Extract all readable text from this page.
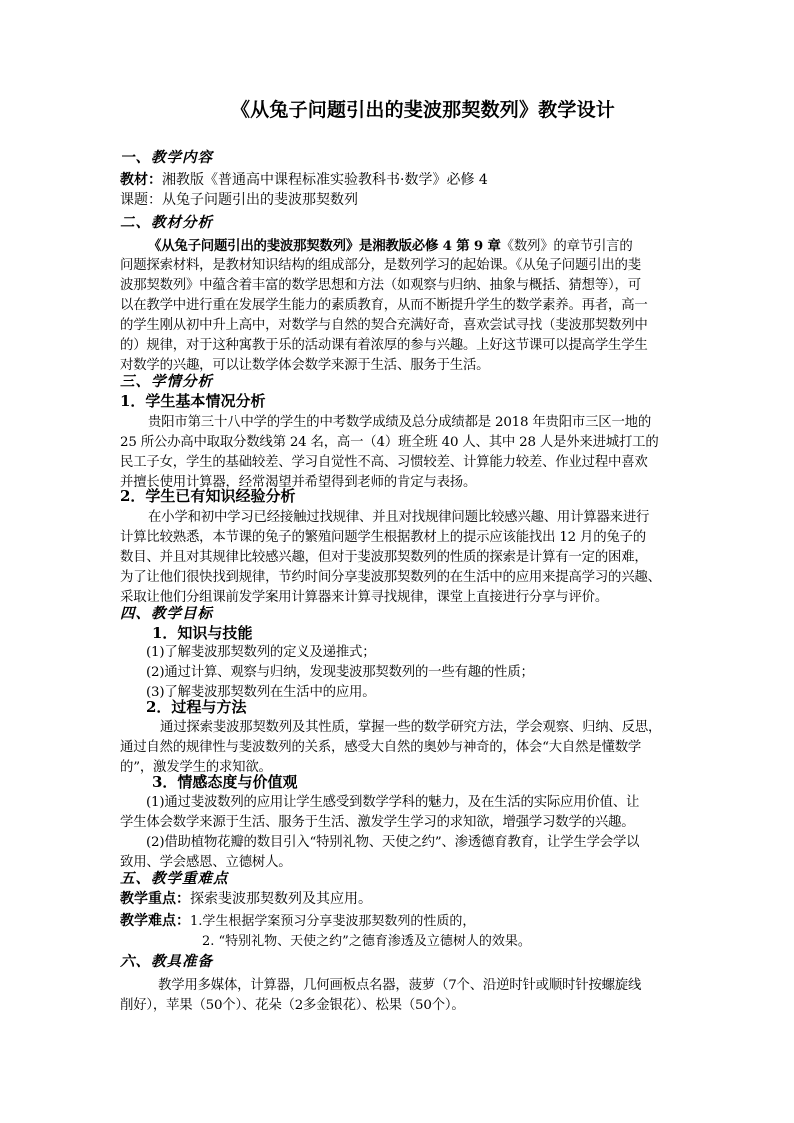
《从兔子问题引出的斐波那契数列》教学设计
一、教学内容
教材：湘教版《普通高中课程标准实验教科书·数学》必修 4
课题：从兔子问题引出的斐波那契数列
二、教材分析
《从兔子问题引出的斐波那契数列》是湘教版必修 4 第 9 章《数列》的章节引言的
问题探索材料，是教材知识结构的组成部分，是数列学习的起始课。《从兔子问题引出的斐
波那契数列》中蕴含着丰富的数学思想和方法（如观察与归纳、抽象与概括、猜想等），可
以在教学中进行重在发展学生能力的素质教育，从而不断提升学生的数学素养。再者，高一
的学生刚从初中升上高中，对数学与自然的契合充满好奇，喜欢尝试寻找（斐波那契数列中
的）规律，对于这种寓教于乐的活动课有着浓厚的参与兴趣。上好这节课可以提高学生学生
对数学的兴趣，可以让数学体会数学来源于生活、服务于生活。
三、学情分析
1．学生基本情况分析
贵阳市第三十八中学的学生的中考数学成绩及总分成绩都是 2018 年贵阳市三区一地的
25 所公办高中取取分数线第 24 名，高一（4）班全班 40 人、其中 28 人是外来进城打工的
民工子女，学生的基础较差、学习自觉性不高、习惯较差、计算能力较差、作业过程中喜欢
并擅长使用计算器，经常渴望并希望得到老师的肯定与表扬。
2．学生已有知识经验分析
在小学和初中学习已经接触过找规律、并且对找规律问题比较感兴趣、用计算器来进行
计算比较熟悉，本节课的兔子的繁殖问题学生根据教材上的提示应该能找出 12 月的兔子的
数目、并且对其规律比较感兴趣，但对于斐波那契数列的性质的探索是计算有一定的困难，
为了让他们很快找到规律，节约时间分享斐波那契数列的在生活中的应用来提高学习的兴趣、
采取让他们分组课前发学案用计算器来计算寻找规律，课堂上直接进行分享与评价。
四、教学目标
1．知识与技能
(1)了解斐波那契数列的定义及递推式；
(2)通过计算、观察与归纳，发现斐波那契数列的一些有趣的性质；
(3)了解斐波那契数列在生活中的应用。
2．过程与方法
通过探索斐波那契数列及其性质，掌握一些的数学研究方法，学会观察、归纳、反思，
通过自然的规律性与斐波数列的关系，感受大自然的奥妙与神奇的，体会“大自然是懂数学
的”，激发学生的求知欲。
3．情感态度与价值观
(1)通过斐波数列的应用让学生感受到数学学科的魅力，及在生活的实际应用价值、让
学生体会数学来源于生活、服务于生活、激发学生学习的求知欲，增强学习数学的兴趣。
(2)借助植物花瓣的数目引入“特别礼物、天使之约”、渗透德育教育，让学生学会学以
致用、学会感恩、立德树人。
五、教学重难点
教学重点：探索斐波那契数列及其应用。
教学难点：1.学生根据学案预习分享斐波那契数列的性质的，
2. “特别礼物、天使之约”之德育渗透及立德树人的效果。
六、教具准备
教学用多媒体，计算器，几何画板点名器，菠萝（7个、沿逆时针或顺时针按螺旋线
削好），苹果（50个）、花朵（2多金银花）、松果（50个）。
